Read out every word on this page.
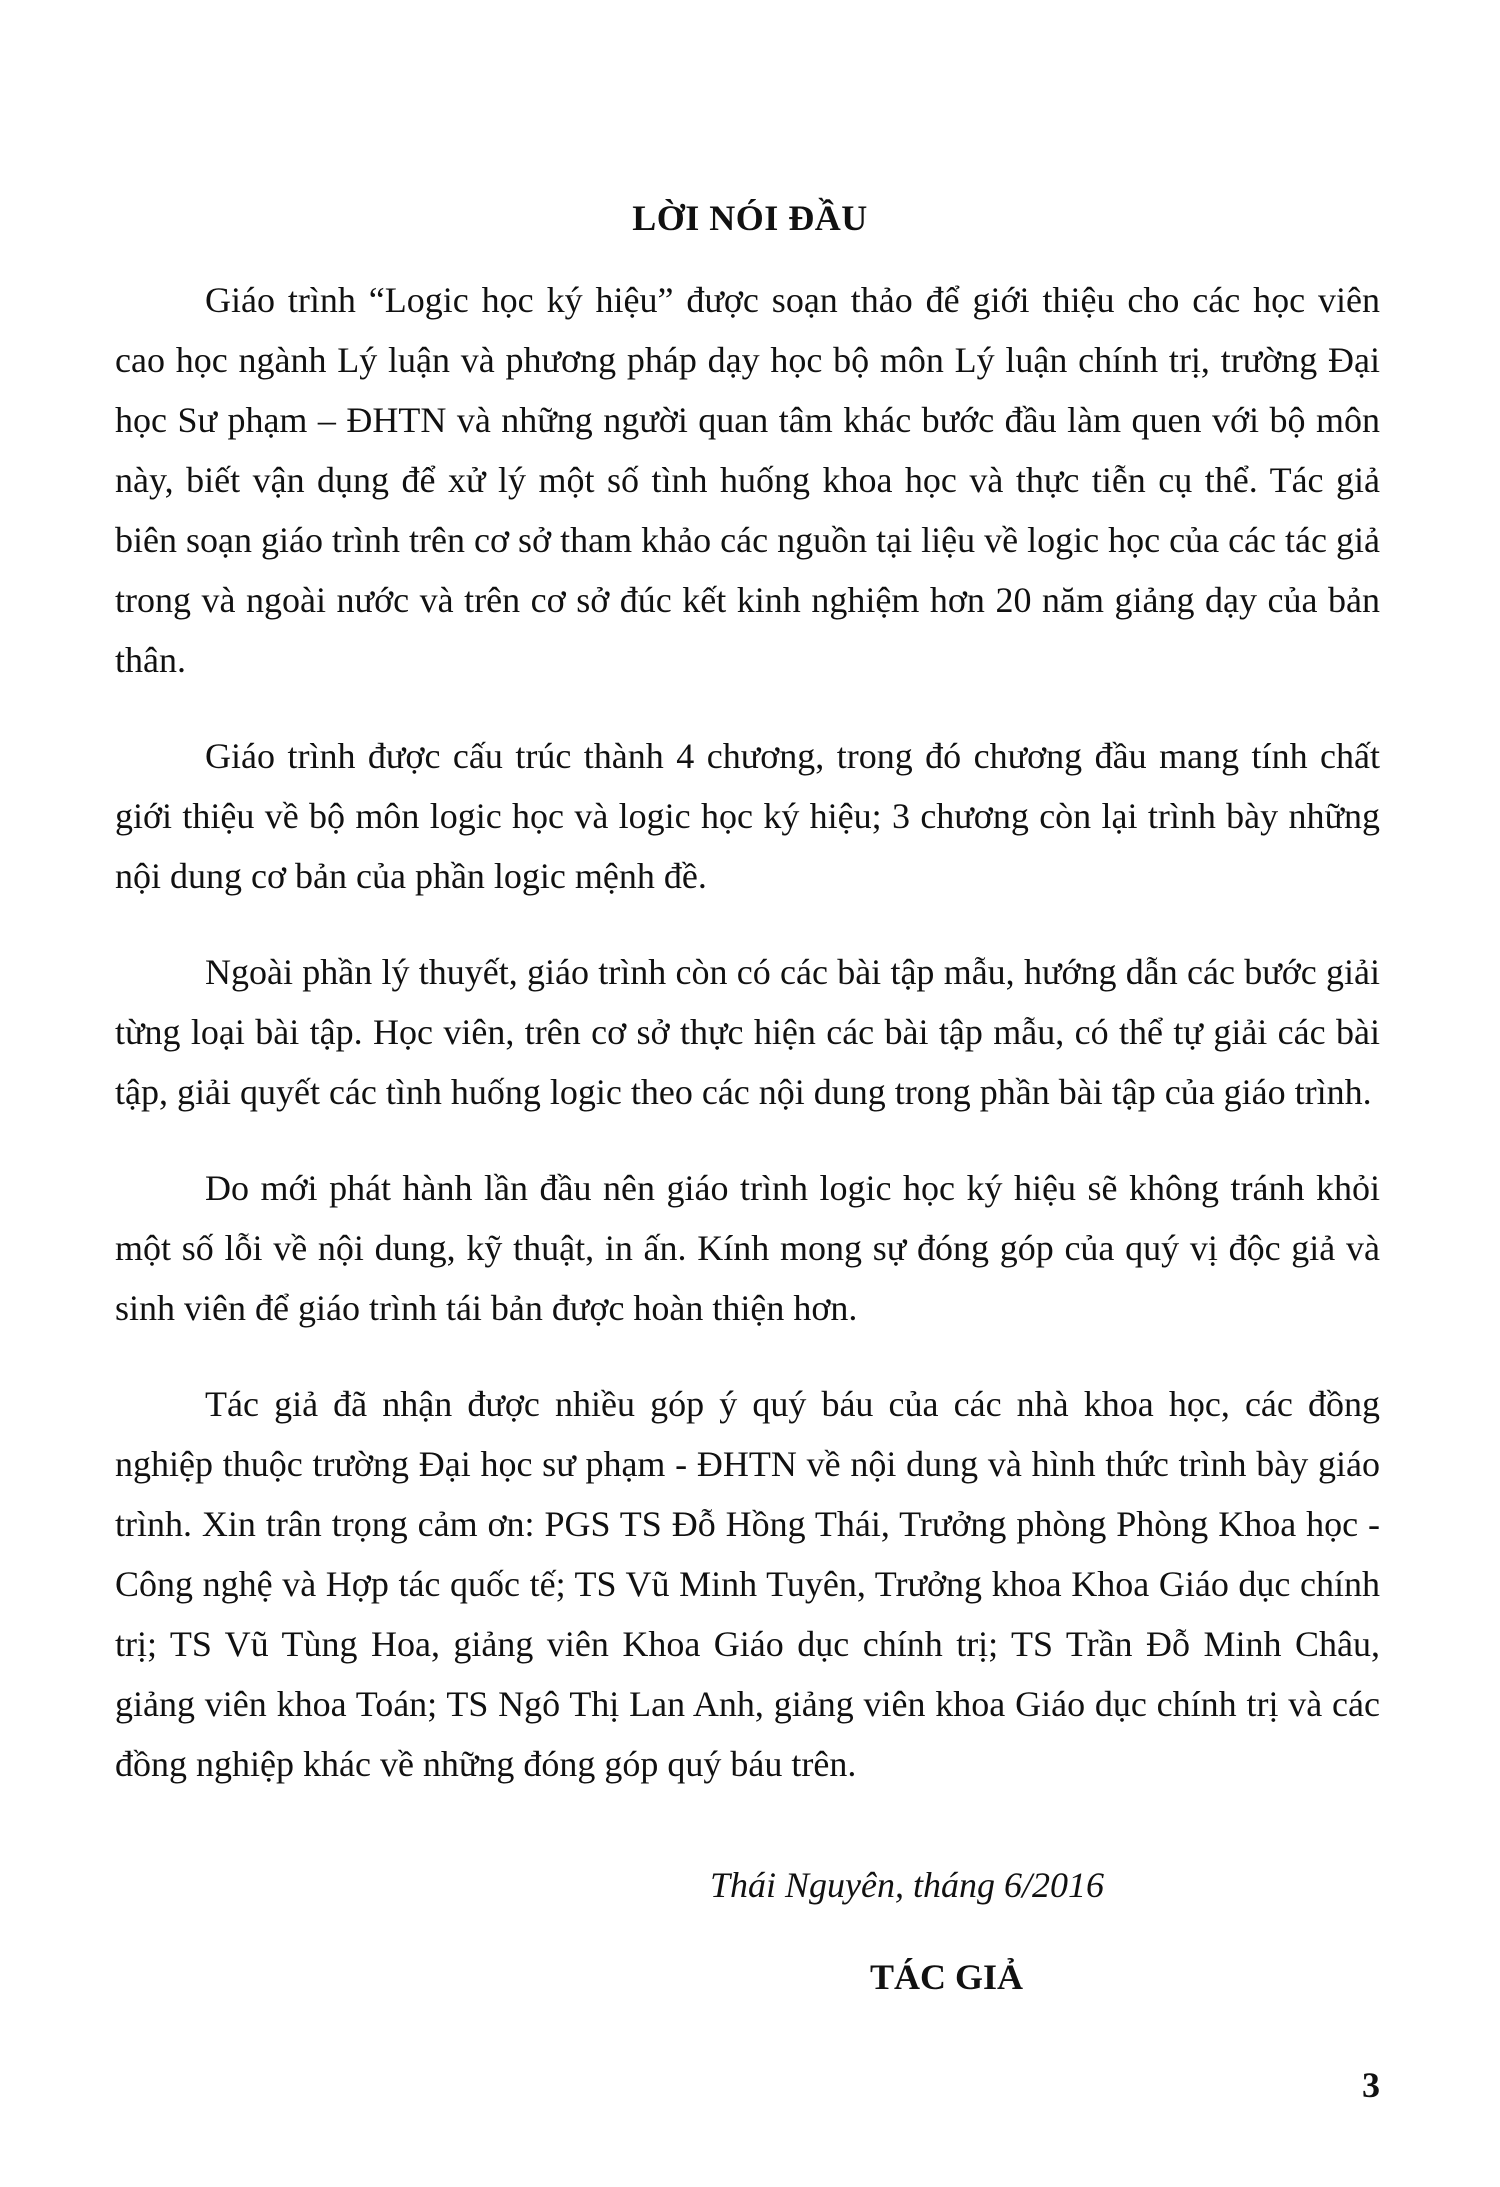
LỜI NÓI ĐẦU

Giáo trình “Logic học ký hiệu” được soạn thảo để giới thiệu cho các học viên cao học ngành Lý luận và phương pháp dạy học bộ môn Lý luận chính trị, trường Đại học Sư phạm – ĐHTN và những người quan tâm khác bước đầu làm quen với bộ môn này, biết vận dụng để xử lý một số tình huống khoa học và thực tiễn cụ thể. Tác giả biên soạn giáo trình trên cơ sở tham khảo các nguồn tại liệu về logic học của các tác giả trong và ngoài nước và trên cơ sở đúc kết kinh nghiệm hơn 20 năm giảng dạy của bản thân.

Giáo trình được cấu trúc thành 4 chương, trong đó chương đầu mang tính chất giới thiệu về bộ môn logic học và logic học ký hiệu; 3 chương còn lại trình bày những nội dung cơ bản của phần logic mệnh đề.

Ngoài phần lý thuyết, giáo trình còn có các bài tập mẫu, hướng dẫn các bước giải từng loại bài tập. Học viên, trên cơ sở thực hiện các bài tập mẫu, có thể tự giải các bài tập, giải quyết các tình huống logic theo các nội dung trong phần bài tập của giáo trình.

Do mới phát hành lần đầu nên giáo trình logic học ký hiệu sẽ không tránh khỏi một số lỗi về nội dung, kỹ thuật, in ấn. Kính mong sự đóng góp của quý vị độc giả và sinh viên để giáo trình tái bản được hoàn thiện hơn.

Tác giả đã nhận được nhiều góp ý quý báu của các nhà khoa học, các đồng nghiệp thuộc trường Đại học sư phạm - ĐHTN về nội dung và hình thức trình bày giáo trình. Xin trân trọng cảm ơn: PGS TS Đỗ Hồng Thái, Trưởng phòng Phòng Khoa học - Công nghệ và Hợp tác quốc tế; TS Vũ Minh Tuyên, Trưởng khoa Khoa Giáo dục chính trị; TS Vũ Tùng Hoa, giảng viên Khoa Giáo dục chính trị; TS Trần Đỗ Minh Châu, giảng viên khoa Toán; TS Ngô Thị Lan Anh, giảng viên khoa Giáo dục chính trị và các đồng nghiệp khác về những đóng góp quý báu trên.

Thái Nguyên, tháng 6/2016
TÁC GIẢ
3
